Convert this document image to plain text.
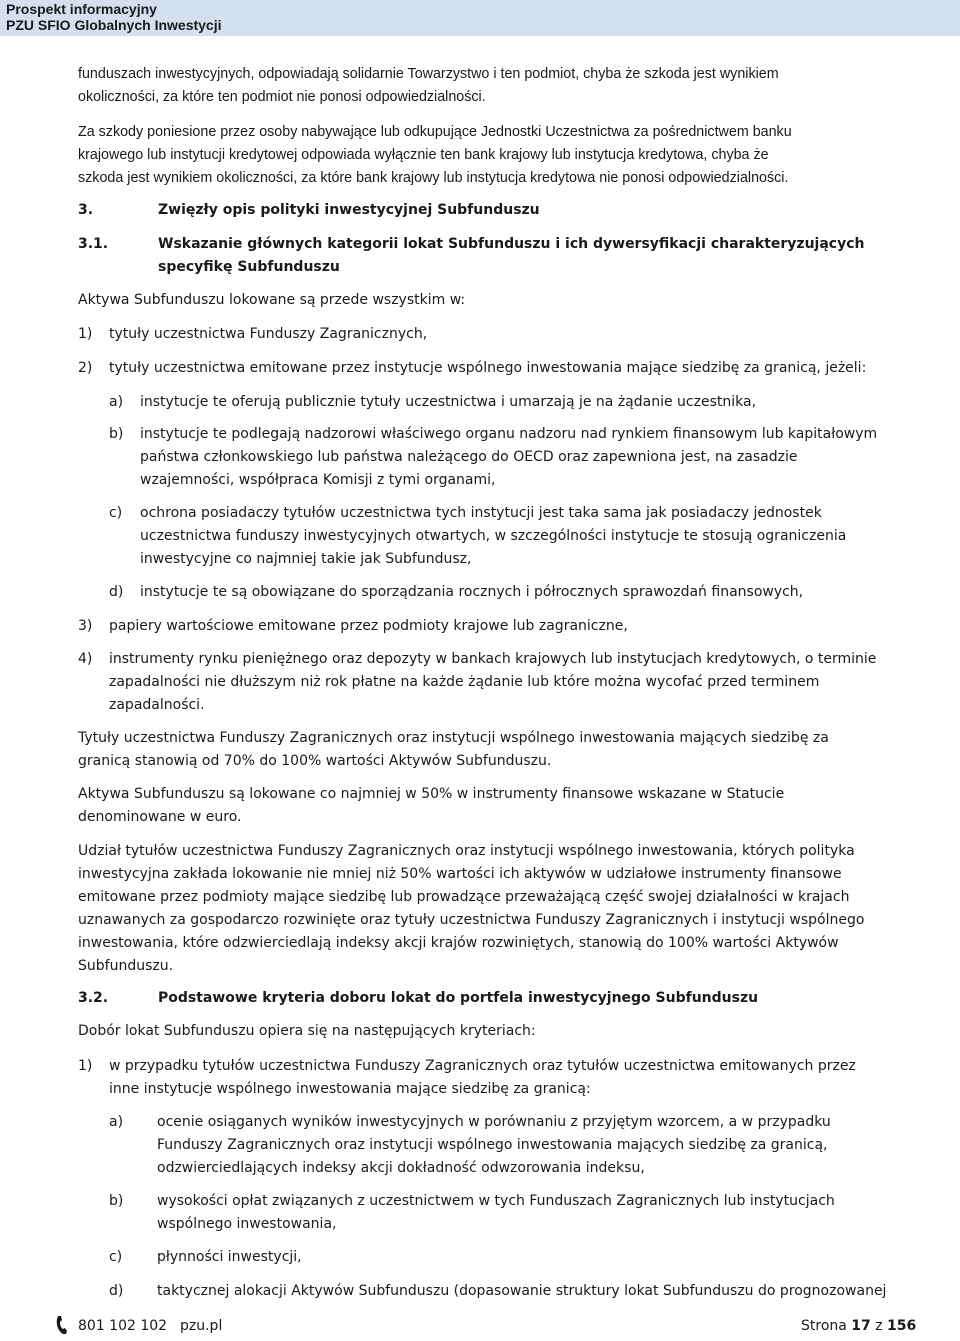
Prospekt informacyjny
PZU SFIO Globalnych Inwestycji
funduszach inwestycyjnych, odpowiadają solidarnie Towarzystwo i ten podmiot, chyba że szkoda jest wynikiem
okoliczności, za które ten podmiot nie ponosi odpowiedzialności.
Za szkody poniesione przez osoby nabywające lub odkupujące Jednostki Uczestnictwa za pośrednictwem banku
krajowego lub instytucji kredytowej odpowiada wyłącznie ten bank krajowy lub instytucja kredytowa, chyba że
szkoda jest wynikiem okoliczności, za które bank krajowy lub instytucja kredytowa nie ponosi odpowiedzialności.
3.	Zwięzły opis polityki inwestycyjnej Subfunduszu
3.1.	Wskazanie głównych kategorii lokat Subfunduszu i ich dywersyfikacji charakteryzujących
specyfikę Subfunduszu
Aktywa Subfunduszu lokowane są przede wszystkim w:
1) tytuły uczestnictwa Funduszy Zagranicznych,
2) tytuły uczestnictwa emitowane przez instytucje wspólnego inwestowania mające siedzibę za granicą, jeżeli:
a) instytucje te oferują publicznie tytuły uczestnictwa i umarzają je na żądanie uczestnika,
b) instytucje te podlegają nadzorowi właściwego organu nadzoru nad rynkiem finansowym lub kapitałowym
państwa członkowskiego lub państwa należącego do OECD oraz zapewniona jest, na zasadzie
wzajemności, współpraca Komisji z tymi organami,
c) ochrona posiadaczy tytułów uczestnictwa tych instytucji jest taka sama jak posiadaczy jednostek
uczestnictwa funduszy inwestycyjnych otwartych, w szczególności instytucje te stosują ograniczenia
inwestycyjne co najmniej takie jak Subfundusz,
d) instytucje te są obowiązane do sporządzania rocznych i półrocznych sprawozdań finansowych,
3) papiery wartościowe emitowane przez podmioty krajowe lub zagraniczne,
4) instrumenty rynku pieniężnego oraz depozyty w bankach krajowych lub instytucjach kredytowych, o terminie
zapadalności nie dłuższym niż rok płatne na każde żądanie lub które można wycofać przed terminem
zapadalności.
Tytuły uczestnictwa Funduszy Zagranicznych oraz instytucji wspólnego inwestowania mających siedzibę za
granicą stanowią od 70% do 100% wartości Aktywów Subfunduszu.
Aktywa Subfunduszu są lokowane co najmniej w 50% w instrumenty finansowe wskazane w Statucie
denominowane w euro.
Udział tytułów uczestnictwa Funduszy Zagranicznych oraz instytucji wspólnego inwestowania, których polityka
inwestycyjna zakłada lokowanie nie mniej niż 50% wartości ich aktywów w udziałowe instrumenty finansowe
emitowane przez podmioty mające siedzibę lub prowadzące przeważającą część swojej działalności w krajach
uznawanych za gospodarczo rozwinięte oraz tytuły uczestnictwa Funduszy Zagranicznych i instytucji wspólnego
inwestowania, które odzwierciedlają indeksy akcji krajów rozwiniętych, stanowią do 100% wartości Aktywów
Subfunduszu.
3.2.	Podstawowe kryteria doboru lokat do portfela inwestycyjnego Subfunduszu
Dobór lokat Subfunduszu opiera się na następujących kryteriach:
1) w przypadku tytułów uczestnictwa Funduszy Zagranicznych oraz tytułów uczestnictwa emitowanych przez
inne instytucje wspólnego inwestowania mające siedzibę za granicą:
a) ocenie osiąganych wyników inwestycyjnych w porównaniu z przyjętym wzorcem, a w przypadku
Funduszy Zagranicznych oraz instytucji wspólnego inwestowania mających siedzibę za granicą,
odzwierciedlających indeksy akcji dokładność odwzorowania indeksu,
b) wysokości opłat związanych z uczestnictwem w tych Funduszach Zagranicznych lub instytucjach
wspólnego inwestowania,
c) płynności inwestycji,
d) taktycznej alokacji Aktywów Subfunduszu (dopasowanie struktury lokat Subfunduszu do prognozowanej
801 102 102 pzu.pl	Strona 17 z 156
